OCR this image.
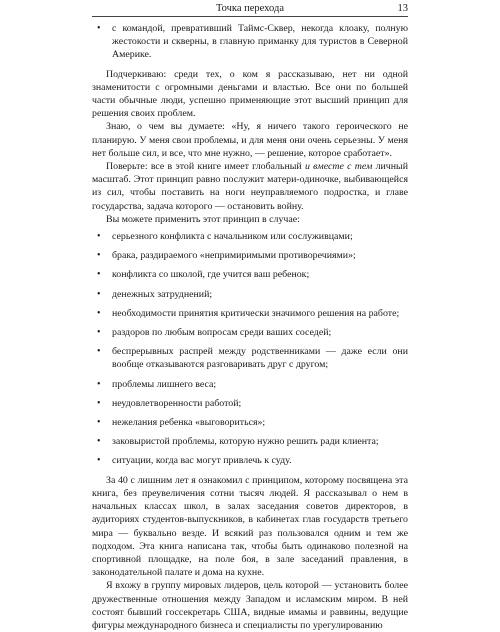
Точка перехода	13
• с командой, превративший Таймс-Сквер, некогда клоаку, полную жестокости и скверны, в главную приманку для туристов в Северной Америке.

Подчеркиваю: среди тех, о ком я рассказываю, нет ни одной знаменитости с огромными деньгами и властью. Все они по большей части обычные люди, успешно применяющие этот высший принцип для решения своих проблем.

Знаю, о чем вы думаете: «Ну, я ничего такого героического не планирую. У меня свои проблемы, и для меня они очень серьезны. У меня нет больше сил, и все, что мне нужно, — решение, которое сработает».

Поверьте: все в этой книге имеет глобальный и вместе с тем личный масштаб. Этот принцип равно послужит матери-одиночке, выбивающейся из сил, чтобы поставить на ноги неуправляемого подростка, и главе государства, задача которого — остановить войну.

Вы можете применить этот принцип в случае:

• серьезного конфликта с начальником или сослуживцами;
• брака, раздираемого «непримиримыми противоречиями»;
• конфликта со школой, где учится ваш ребенок;
• денежных затруднений;
• необходимости принятия критически значимого решения на работе;
• раздоров по любым вопросам среди ваших соседей;
• беспрерывных распрей между родственниками — даже если они вообще отказываются разговаривать друг с другом;
• проблемы лишнего веса;
• неудовлетворенности работой;
• нежелания ребенка «выговориться»;
• заковыристой проблемы, которую нужно решить ради клиента;
• ситуации, когда вас могут привлечь к суду.

За 40 с лишним лет я ознакомил с принципом, которому посвящена эта книга, без преувеличения сотни тысяч людей. Я рассказывал о нем в начальных классах школ, в залах заседания советов директоров, в аудиториях студентов-выпускников, в кабинетах глав государств третьего мира — буквально везде. И всякий раз пользовался одним и тем же подходом. Эта книга написана так, чтобы быть одинаково полезной на спортивной площадке, на поле боя, в зале заседаний правления, в законодательной палате и дома на кухне.

Я вхожу в группу мировых лидеров, цель которой — установить более дружественные отношения между Западом и исламским миром. В ней состоят бывший госсекретарь США, видные имамы и раввины, ведущие фигуры международного бизнеса и специалисты по урегулированию
